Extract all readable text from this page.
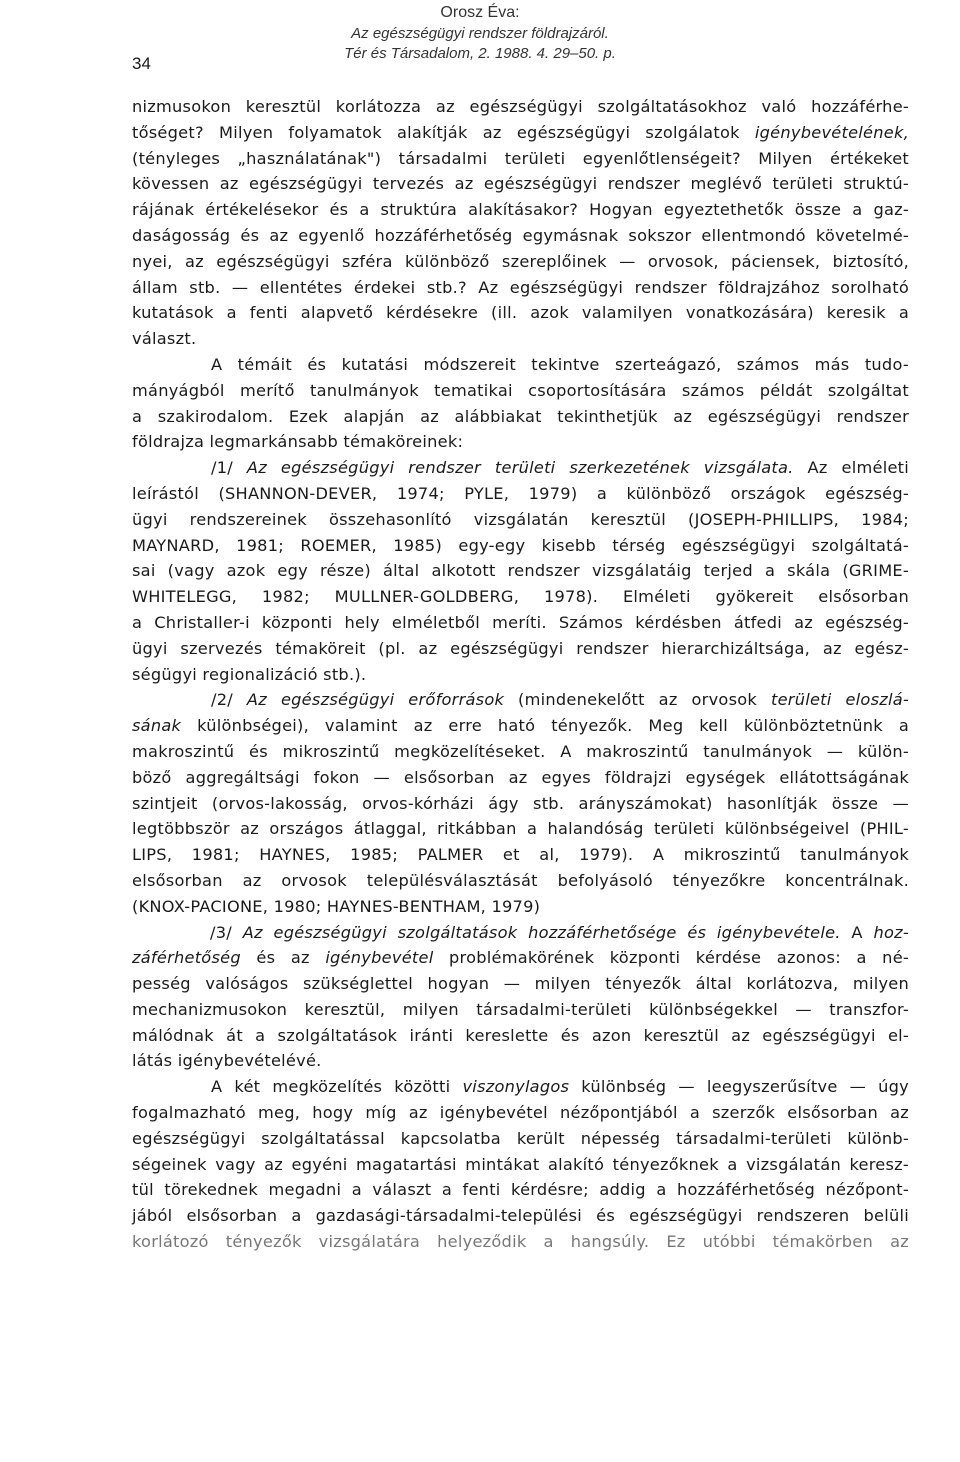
Orosz Éva:
Az egészségügyi rendszer földrajzáról.
Tér és Társadalom, 2. 1988. 4. 29–50. p.
34
nizmusokon keresztül korlátozza az egészségügyi szolgáltatásokhoz való hozzáférhe-
tőséget? Milyen folyamatok alakítják az egészségügyi szolgálatok igénybevételének,
(tényleges „használatának") társadalmi területi egyenlőtlenségeit? Milyen értékeket
kövessen az egészségügyi tervezés az egészségügyi rendszer meglévő területi struktú-
rájának értékelésekor és a struktúra alakításakor? Hogyan egyeztethetők össze a gaz-
daságosság és az egyenlő hozzáférhetőség egymásnak sokszor ellentmondó követelmé-
nyei, az egészségügyi szféra különböző szereplőinek — orvosok, páciensek, biztosító,
állam stb. — ellentétes érdekei stb.? Az egészségügyi rendszer földrajzához sorolható
kutatások a fenti alapvető kérdésekre (ill. azok valamilyen vonatkozására) keresik a
választ.
A témáit és kutatási módszereit tekintve szerteágazó, számos más tudo-
mányágból merítő tanulmányok tematikai csoportosítására számos példát szolgáltat
a szakirodalom. Ezek alapján az alábbiakat tekinthetjük az egészségügyi rendszer
földrajza legmarkánsabb témaköreinek:
/1/ Az egészségügyi rendszer területi szerkezetének vizsgálata. Az elméleti
leírástól (SHANNON-DEVER, 1974; PYLE, 1979) a különböző országok egészség-
ügyi rendszereinek összehasonlító vizsgálatán keresztül (JOSEPH-PHILLIPS, 1984;
MAYNARD, 1981; ROEMER, 1985) egy-egy kisebb térség egészségügyi szolgáltatá-
sai (vagy azok egy része) által alkotott rendszer vizsgálatáig terjed a skála (GRIME-
WHITELEGG, 1982; MULLNER-GOLDBERG, 1978). Elméleti gyökereit elsősorban
a Christaller-i központi hely elméletből meríti. Számos kérdésben átfedi az egészség-
ügyi szervezés témaköreit (pl. az egészségügyi rendszer hierarchizáltsága, az egész-
ségügyi regionalizáció stb.).
/2/ Az egészségügyi erőforrások (mindenekelőtt az orvosok területi eloszlá-
sának különbségei), valamint az erre ható tényezők. Meg kell különböztetnünk a
makroszintű és mikroszintű megközelítéseket. A makroszintű tanulmányok — külön-
böző aggregáltsági fokon — elsősorban az egyes földrajzi egységek ellátottságának
szintjeit (orvos-lakosság, orvos-kórházi ágy stb. arányszámokat) hasonlítják össze —
legtöbbször az országos átlaggal, ritkábban a halandóság területi különbségeivel (PHIL-
LIPS, 1981; HAYNES, 1985; PALMER et al, 1979). A mikroszintű tanulmányok
elsősorban az orvosok településválasztását befolyásoló tényezőkre koncentrálnak.
(KNOX-PACIONE, 1980; HAYNES-BENTHAM, 1979)
/3/ Az egészségügyi szolgáltatások hozzáférhetősége és igénybevétele. A hoz-
záférhetőség és az igénybevétel problémakörének központi kérdése azonos: a né-
pesség valóságos szükséglettel hogyan — milyen tényezők által korlátozva, milyen
mechanizmusokon keresztül, milyen társadalmi-területi különbségekkel — transzfor-
málódnak át a szolgáltatások iránti kereslette és azon keresztül az egészségügyi el-
látás igénybevételévé.
A két megközelítés közötti viszonylagos különbség — leegyszerűsítve — úgy
fogalmazható meg, hogy míg az igénybevétel nézőpontjából a szerzők elsősorban az
egészségügyi szolgáltatással kapcsolatba került népesség társadalmi-területi különb-
ségeinek vagy az egyéni magatartási mintákat alakító tényezőknek a vizsgálatán keresz-
tül törekednek megadni a választ a fenti kérdésre; addig a hozzáférhetőség nézőpont-
jából elsősorban a gazdasági-társadalmi-települési és egészségügyi rendszeren belüli
korlátozó tényezők vizsgálatára helyeződik a hangsúly. Ez utóbbi témakörben az
